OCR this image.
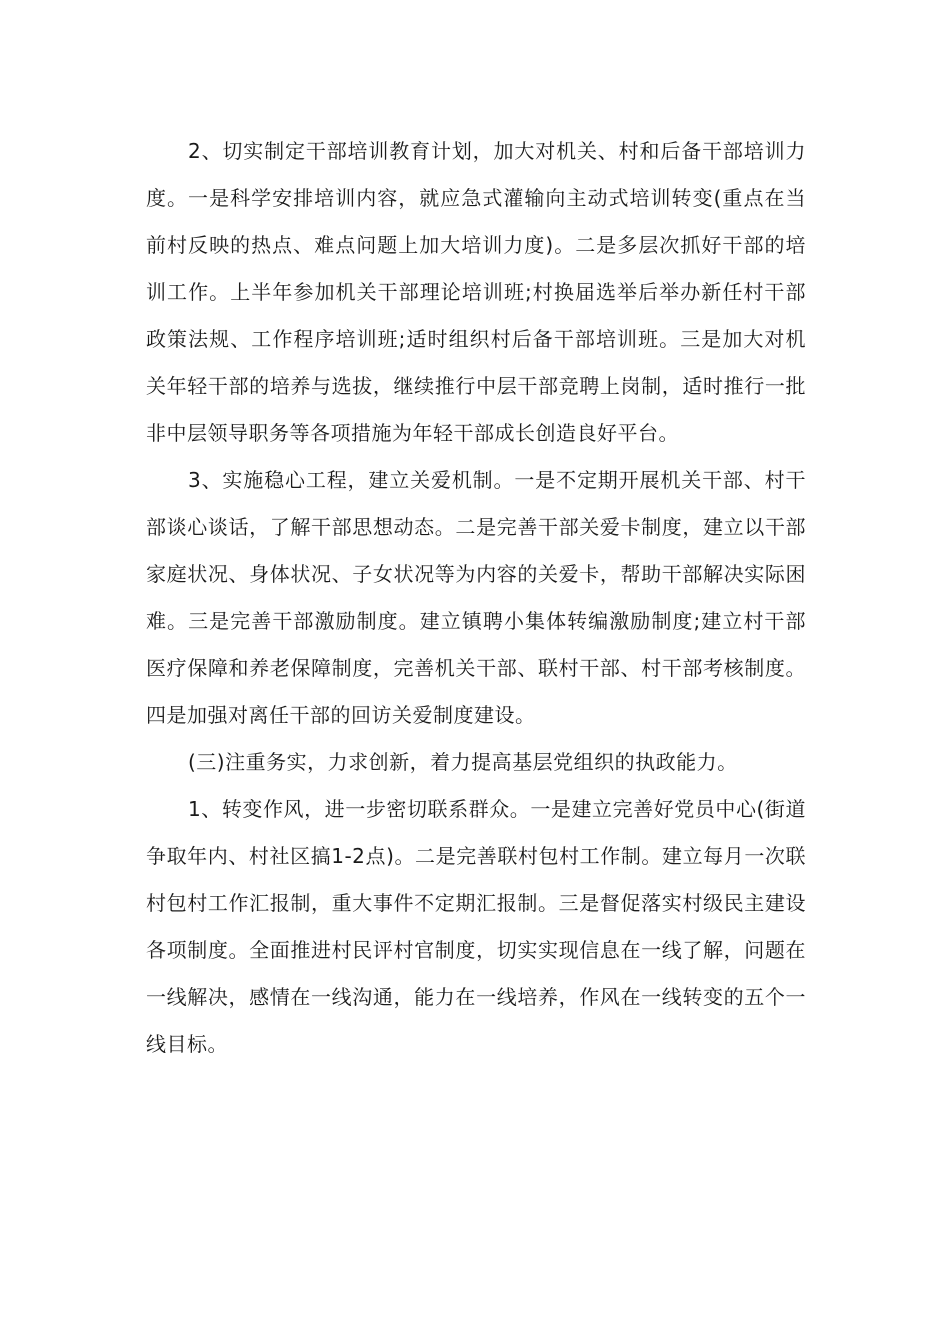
2、切实制定干部培训教育计划，加大对机关、村和后备干部培训力度。一是科学安排培训内容，就应急式灌输向主动式培训转变(重点在当前村反映的热点、难点问题上加大培训力度)。二是多层次抓好干部的培训工作。上半年参加机关干部理论培训班;村换届选举后举办新任村干部政策法规、工作程序培训班;适时组织村后备干部培训班。三是加大对机关年轻干部的培养与选拔，继续推行中层干部竞聘上岗制，适时推行一批非中层领导职务等各项措施为年轻干部成长创造良好平台。

3、实施稳心工程，建立关爱机制。一是不定期开展机关干部、村干部谈心谈话，了解干部思想动态。二是完善干部关爱卡制度，建立以干部家庭状况、身体状况、子女状况等为内容的关爱卡，帮助干部解决实际困难。三是完善干部激励制度。建立镇聘小集体转编激励制度;建立村干部医疗保障和养老保障制度，完善机关干部、联村干部、村干部考核制度。四是加强对离任干部的回访关爱制度建设。

(三)注重务实，力求创新，着力提高基层党组织的执政能力。

1、转变作风，进一步密切联系群众。一是建立完善好党员中心(街道争取年内、村社区搞1-2点)。二是完善联村包村工作制。建立每月一次联村包村工作汇报制，重大事件不定期汇报制。三是督促落实村级民主建设各项制度。全面推进村民评村官制度，切实实现信息在一线了解，问题在一线解决，感情在一线沟通，能力在一线培养，作风在一线转变的五个一线目标。
